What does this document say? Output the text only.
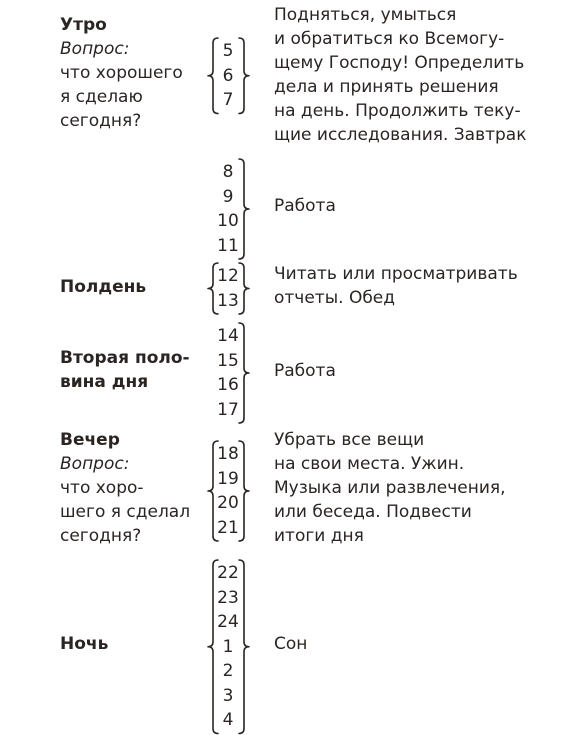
Утро
Вопрос:
что хорошего
я сделаю
сегодня?
5
6
7
Подняться, умыться
и обратиться ко Всемогу-
щему Господу! Определить
дела и принять решения
на день. Продолжить теку-
щие исследования. Завтрак
8
9
10
11
Работа
Полдень
12
13
Читать или просматривать
отчеты. Обед
Вторая поло-
вина дня
14
15
16
17
Работа
Вечер
Вопрос:
что хоро-
шего я сделал
сегодня?
18
19
20
21
Убрать все вещи
на свои места. Ужин.
Музыка или развлечения,
или беседа. Подвести
итоги дня
Ночь
22
23
24
1
2
3
4
Сон
